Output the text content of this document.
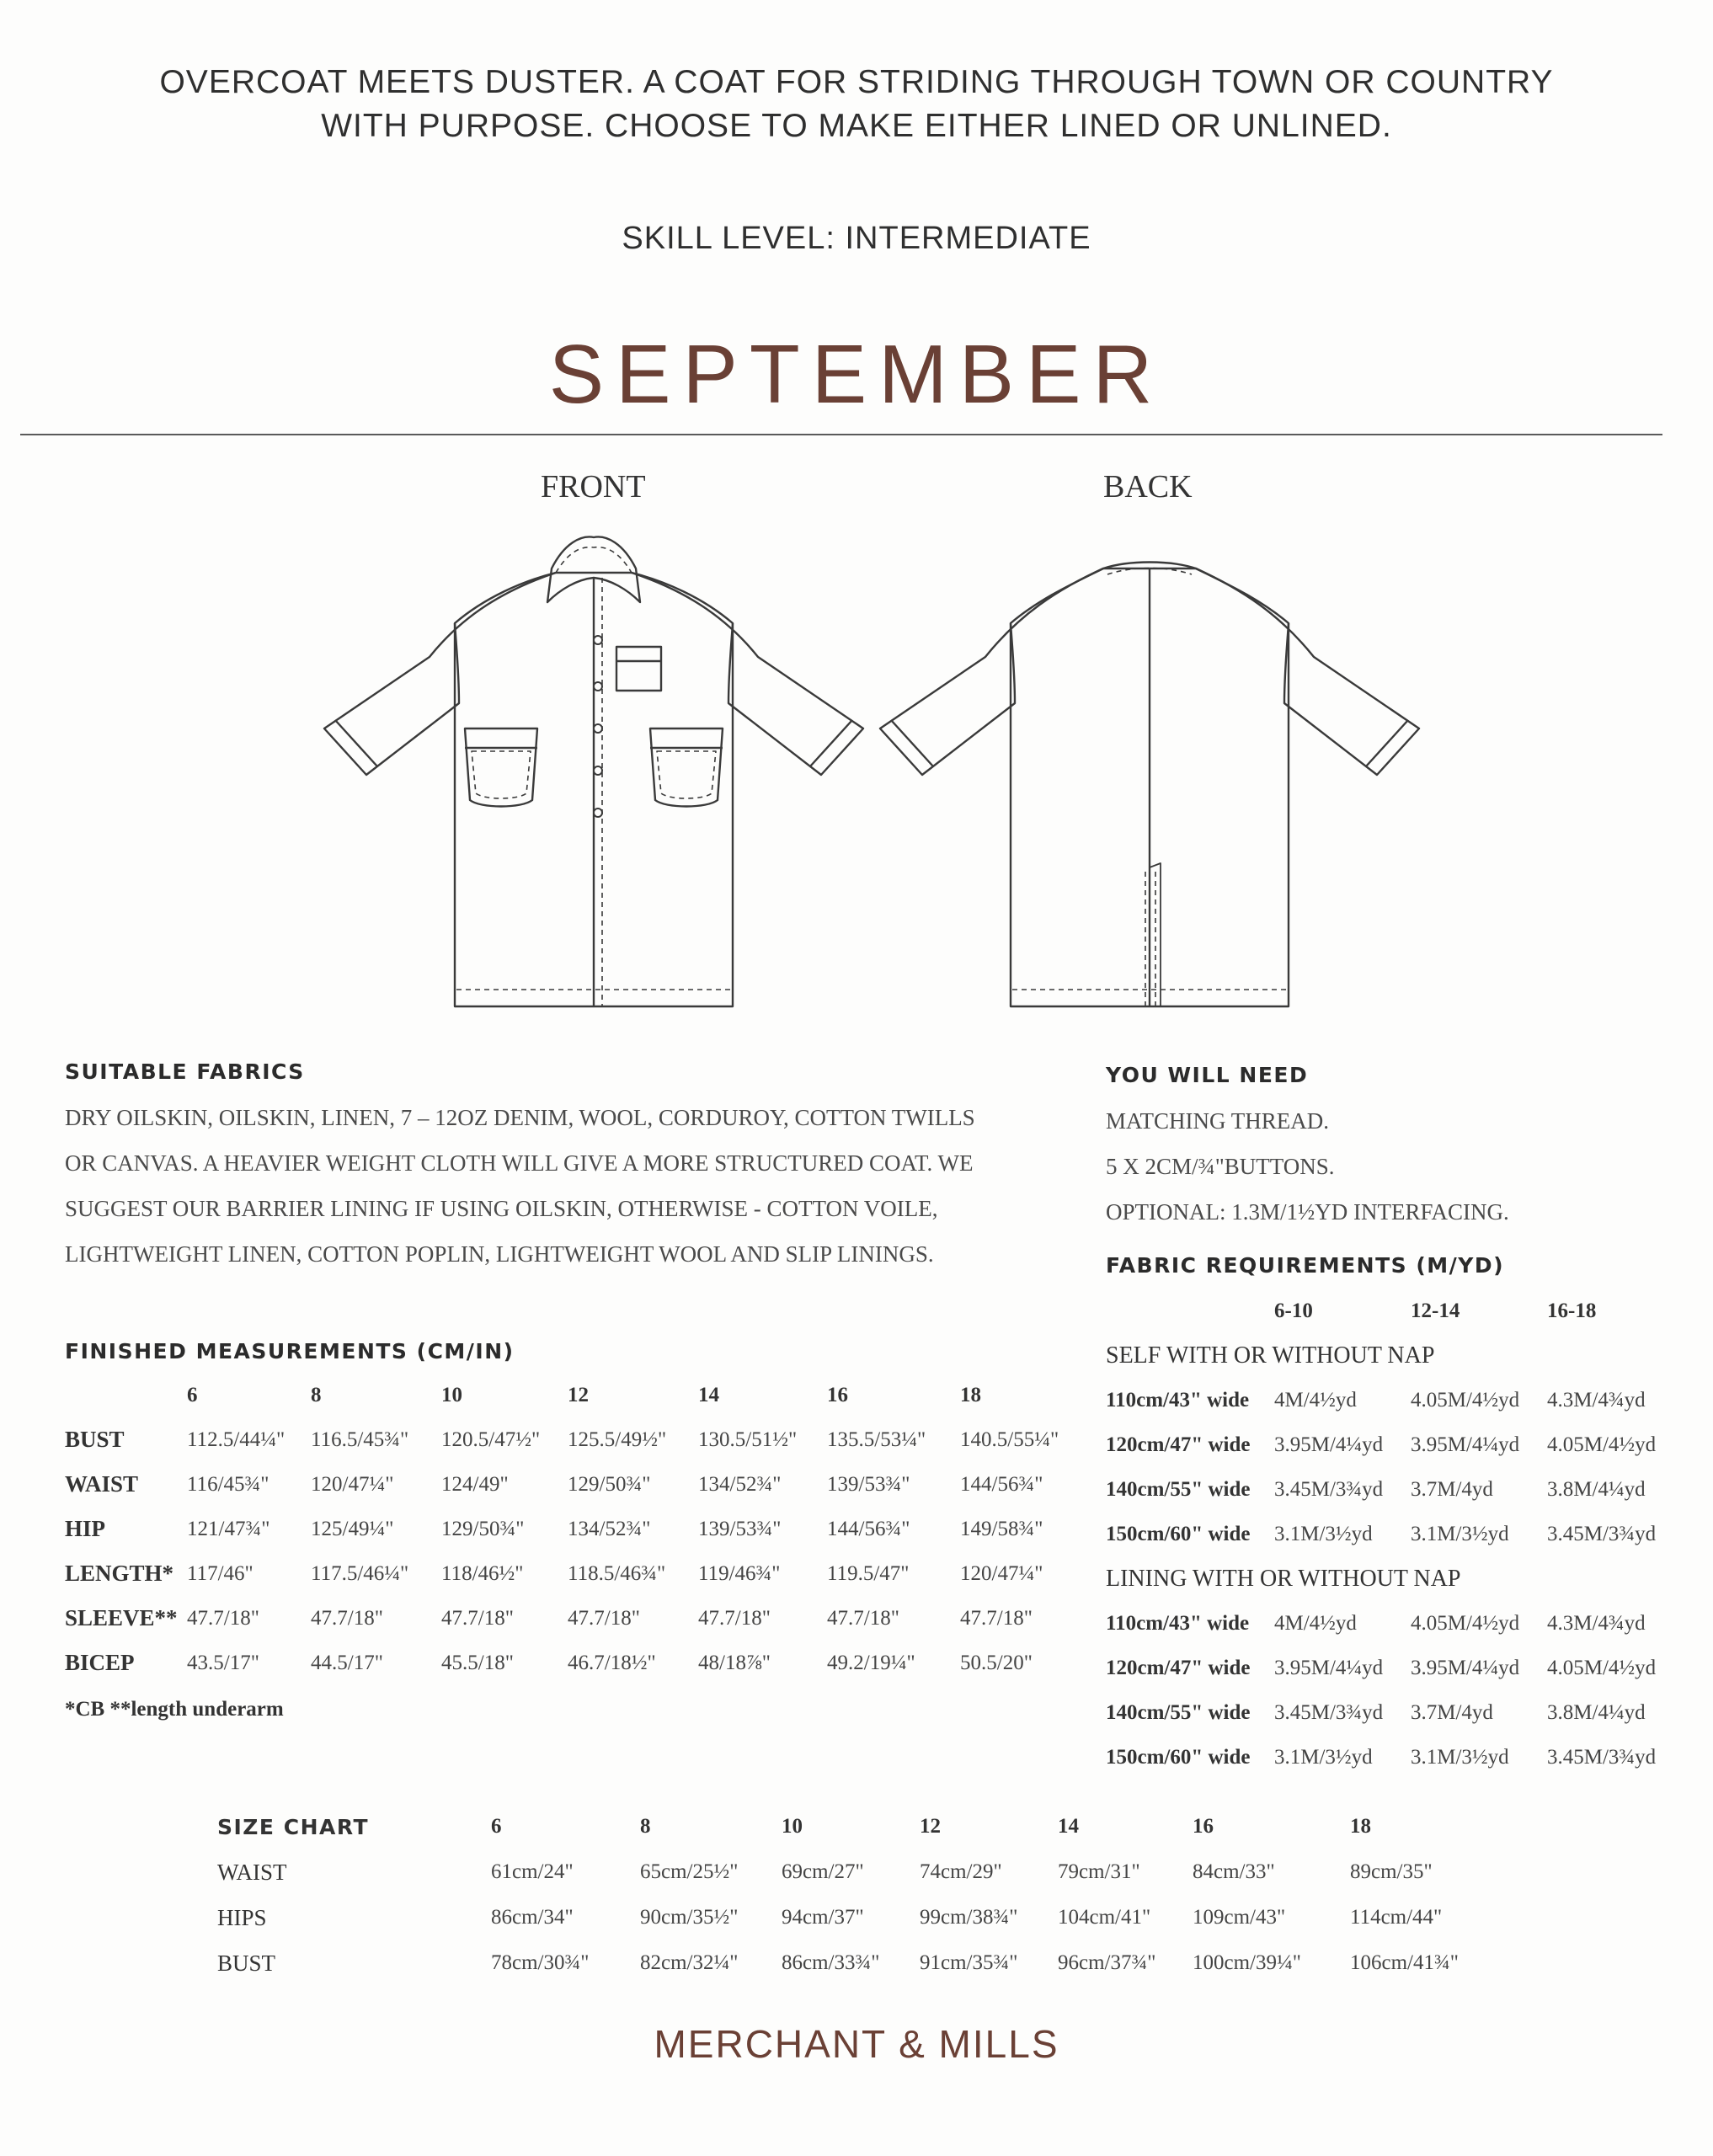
OVERCOAT MEETS DUSTER. A COAT FOR STRIDING THROUGH TOWN OR COUNTRY
WITH PURPOSE. CHOOSE TO MAKE EITHER LINED OR UNLINED.
SKILL LEVEL: INTERMEDIATE
SEPTEMBER
FRONT	BACK
SUITABLE FABRICS
DRY OILSKIN, OILSKIN, LINEN, 7 – 12OZ DENIM, WOOL, CORDUROY, COTTON TWILLS
OR CANVAS. A HEAVIER WEIGHT CLOTH WILL GIVE A MORE STRUCTURED COAT. WE
SUGGEST OUR BARRIER LINING IF USING OILSKIN, OTHERWISE - COTTON VOILE,
LIGHTWEIGHT LINEN, COTTON POPLIN, LIGHTWEIGHT WOOL AND SLIP LININGS.
YOU WILL NEED
MATCHING THREAD.
5 X 2CM/¾"BUTTONS.
OPTIONAL: 1.3M/1½YD INTERFACING.
FINISHED MEASUREMENTS (CM/IN)
	6	8	10	12	14	16	18
BUST	112.5/44¼"	116.5/45¾"	120.5/47½"	125.5/49½"	130.5/51½"	135.5/53¼"	140.5/55¼"
WAIST	116/45¾"	120/47¼"	124/49"	129/50¾"	134/52¾"	139/53¾"	144/56¾"
HIP	121/47¾"	125/49¼"	129/50¾"	134/52¾"	139/53¾"	144/56¾"	149/58¾"
LENGTH*	117/46"	117.5/46¼"	118/46½"	118.5/46¾"	119/46¾"	119.5/47"	120/47¼"
SLEEVE**	47.7/18"	47.7/18"	47.7/18"	47.7/18"	47.7/18"	47.7/18"	47.7/18"
BICEP	43.5/17"	44.5/17"	45.5/18"	46.7/18½"	48/18⅞"	49.2/19¼"	50.5/20"
*CB **length underarm
FABRIC REQUIREMENTS (M/YD)
	6-10	12-14	16-18
SELF WITH OR WITHOUT NAP			
110cm/43" wide	4M/4½yd	4.05M/4½yd	4.3M/4¾yd
120cm/47" wide	3.95M/4¼yd	3.95M/4¼yd	4.05M/4½yd
140cm/55" wide	3.45M/3¾yd	3.7M/4yd	3.8M/4¼yd
150cm/60" wide	3.1M/3½yd	3.1M/3½yd	3.45M/3¾yd
LINING WITH OR WITHOUT NAP			
110cm/43" wide	4M/4½yd	4.05M/4½yd	4.3M/4¾yd
120cm/47" wide	3.95M/4¼yd	3.95M/4¼yd	4.05M/4½yd
140cm/55" wide	3.45M/3¾yd	3.7M/4yd	3.8M/4¼yd
150cm/60" wide	3.1M/3½yd	3.1M/3½yd	3.45M/3¾yd
SIZE CHART	6	8	10	12	14	16	18
WAIST	61cm/24"	65cm/25½"	69cm/27"	74cm/29"	79cm/31"	84cm/33"	89cm/35"
HIPS	86cm/34"	90cm/35½"	94cm/37"	99cm/38¾"	104cm/41"	109cm/43"	114cm/44"
BUST	78cm/30¾"	82cm/32¼"	86cm/33¾"	91cm/35¾"	96cm/37¾"	100cm/39¼"	106cm/41¾"
MERCHANT & MILLS
